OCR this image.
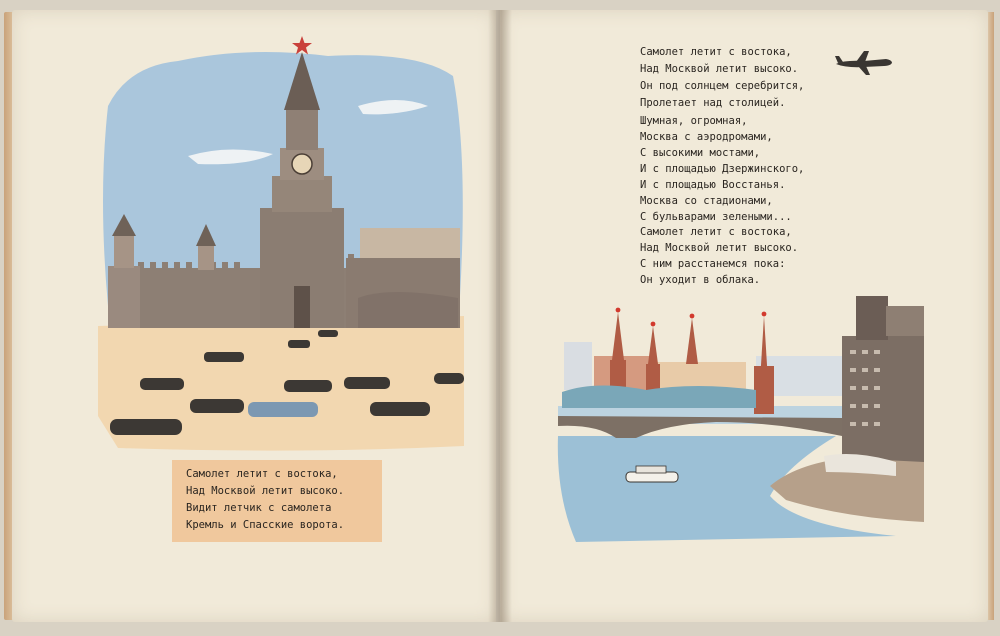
Самолет летит с востока,
Над Москвой летит высоко.
Видит летчик с самолета
Кремль и Спасские ворота.
Самолет летит с востока,
Над Москвой летит высоко.
Он под солнцем серебрится,
Пролетает над столицей.
Шумная, огромная,
Москва с аэродромами,
С высокими мостами,
И с площадью Дзержинского,
И с площадью Восстанья.
Москва со стадионами,
С бульварами зелеными...
Самолет летит с востока,
Над Москвой летит высоко.
С ним расстанемся пока:
Он уходит в облака.
